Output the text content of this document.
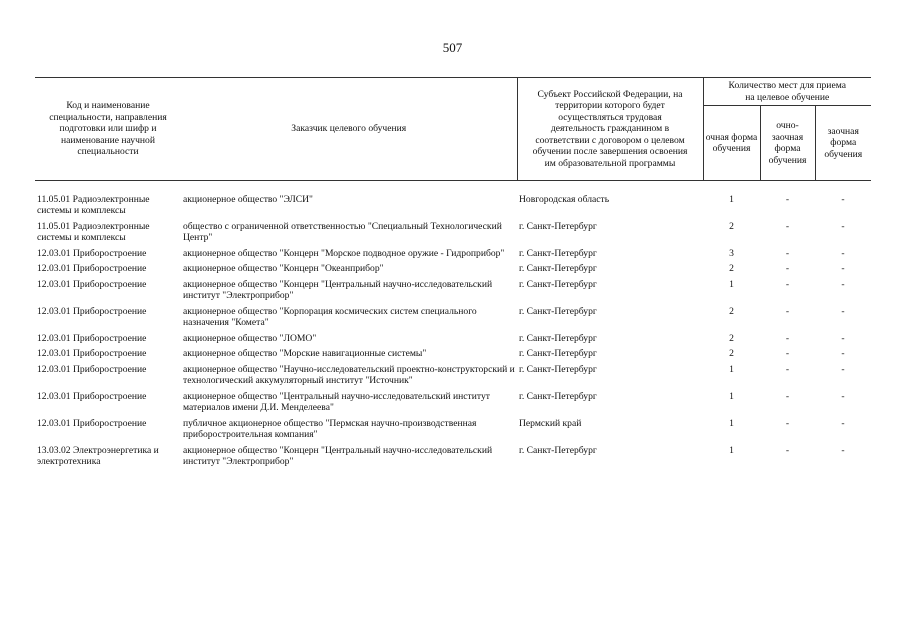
507
Код и наименование специальности, направления подготовки или шифр и наименование научной специальности	Заказчик целевого обучения	Субъект Российской Федерации, на территории которого будет осуществляться трудовая деятельность гражданином в соответствии с договором о целевом обучении после завершения освоения им образовательной программы	Количество мест для приема на целевое обучение		
			очная форма обучения	очно-заочная форма обучения	заочная форма обучения

11.05.01 Радиоэлектронные системы и комплексы	акционерное общество "ЭЛСИ"	Новгородская область	1	-	-
11.05.01 Радиоэлектронные системы и комплексы	общество с ограниченной ответственностью "Специальный Технологический Центр"	г. Санкт-Петербург	2	-	-
12.03.01 Приборостроение	акционерное общество "Концерн "Морское подводное оружие - Гидроприбор"	г. Санкт-Петербург	3	-	-
12.03.01 Приборостроение	акционерное общество "Концерн "Океанприбор"	г. Санкт-Петербург	2	-	-
12.03.01 Приборостроение	акционерное общество "Концерн "Центральный научно-исследовательский институт "Электроприбор"	г. Санкт-Петербург	1	-	-
12.03.01 Приборостроение	акционерное общество "Корпорация космических систем специального назначения "Комета"	г. Санкт-Петербург	2	-	-
12.03.01 Приборостроение	акционерное общество "ЛОМО"	г. Санкт-Петербург	2	-	-
12.03.01 Приборостроение	акционерное общество "Морские навигационные системы"	г. Санкт-Петербург	2	-	-
12.03.01 Приборостроение	акционерное общество "Научно-исследовательский проектно-конструкторский и технологический аккумуляторный институт "Источник"	г. Санкт-Петербург	1	-	-
12.03.01 Приборостроение	акционерное общество "Центральный научно-исследовательский институт материалов имени Д.И. Менделеева"	г. Санкт-Петербург	1	-	-
12.03.01 Приборостроение	публичное акционерное общество "Пермская научно-производственная приборостроительная компания"	Пермский край	1	-	-
13.03.02 Электроэнергетика и электротехника	акционерное общество "Концерн "Центральный научно-исследовательский институт "Электроприбор"	г. Санкт-Петербург	1	-	-
